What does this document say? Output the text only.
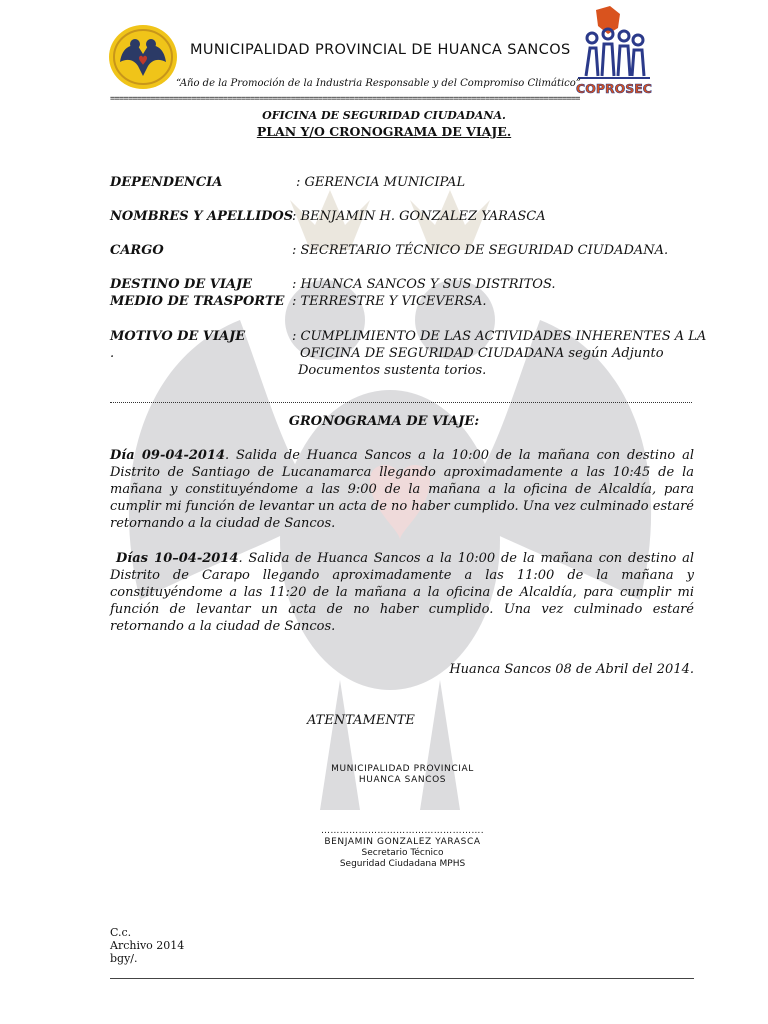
COPROSEC
MUNICIPALIDAD PROVINCIAL DE HUANCA SANCOS
“Año de la Promoción de la Industria Responsable y del Compromiso Climático”
========================================================================================================
OFICINA DE SEGURIDAD CIUDADANA.
PLAN Y/O CRONOGRAMA DE VIAJE.
DEPENDENCIA	: GERENCIA MUNICIPAL
NOMBRES Y APELLIDOS
: BENJAMIN H. GONZALEZ YARASCA
CARGO	: SECRETARIO TÉCNICO DE SEGURIDAD CIUDADANA.
DESTINO DE VIAJE	: HUANCA SANCOS Y SUS DISTRITOS.
MEDIO DE TRASPORTE : TERRESTRE Y VICEVERSA.
MOTIVO DE VIAJE	: CUMPLIMIENTO DE LAS ACTIVIDADES INHERENTES A LA
.	OFICINA DE SEGURIDAD CIUDADANA según Adjunto
Documentos sustenta torios.
GRONOGRAMA DE VIAJE:
Día 09-04-2014. Salida de Huanca Sancos a la 10:00 de la mañana con destino al Distrito de Santiago de Lucanamarca llegando aproximadamente a las 10:45 de la mañana y constituyéndome a las 9:00 de la mañana a la oficina de Alcaldía, para cumplir mi función de levantar un acta de no haber cumplido. Una vez culminado estaré retornando a la ciudad de Sancos.
Días 10–04-2014. Salida de Huanca Sancos a la 10:00 de la mañana con destino al Distrito de Carapo llegando aproximadamente a las 11:00 de la mañana y constituyéndome a las 11:20 de la mañana a la oficina de Alcaldía, para cumplir mi función de levantar un acta de no haber cumplido. Una vez culminado estaré retornando a la ciudad de Sancos.
Huanca Sancos 08 de Abril del 2014.
ATENTAMENTE
MUNICIPALIDAD PROVINCIAL
HUANCA SANCOS
…………………………………………….
BENJAMIN GONZALEZ YARASCA
Secretario Técnico
Seguridad Ciudadana MPHS
C.c.
Archivo 2014
bgy/.
